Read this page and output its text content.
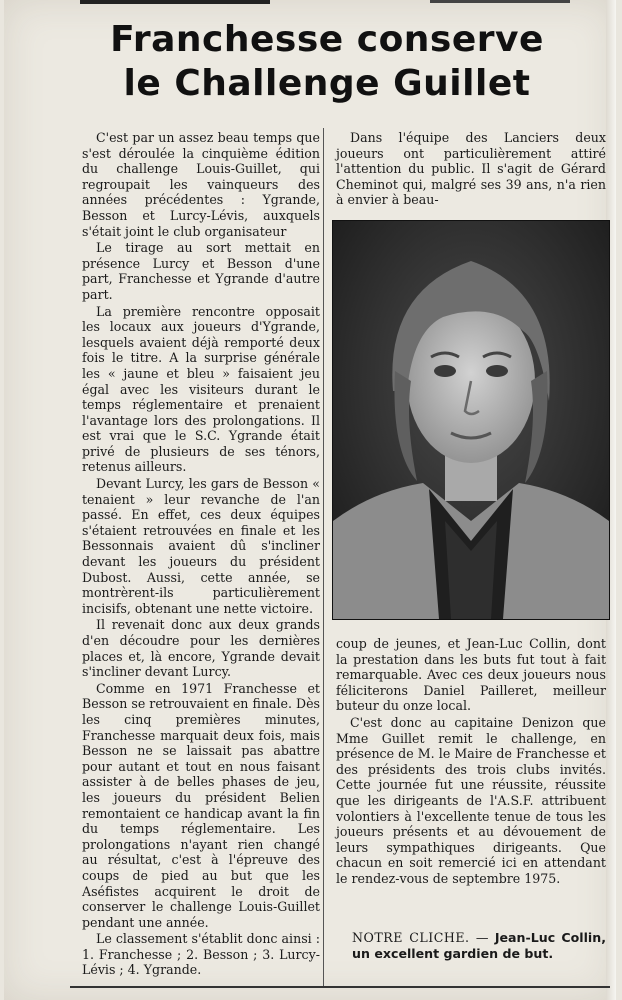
Franchesse conserve
le Challenge Guillet

C'est par un assez beau temps que s'est déroulée la cinquième édition du challenge Louis-Guillet, qui regroupait les vainqueurs des années précédentes : Ygrande, Besson et Lurcy-Lévis, auxquels s'était joint le club organisateur

Le tirage au sort mettait en présence Lurcy et Besson d'une part, Franchesse et Ygrande d'autre part.

La première rencontre opposait les locaux aux joueurs d'Ygrande, lesquels avaient déjà remporté deux fois le titre. A la surprise générale les « jaune et bleu » faisaient jeu égal avec les visiteurs durant le temps réglementaire et prenaient l'avantage lors des prolongations. Il est vrai que le S.C. Ygrande était privé de plusieurs de ses ténors, retenus ailleurs.

Devant Lurcy, les gars de Besson « tenaient » leur revanche de l'an passé. En effet, ces deux équipes s'étaient retrouvées en finale et les Bessonnais avaient dû s'incliner devant les joueurs du président Dubost. Aussi, cette année, se montrèrent-ils particulièrement incisifs, obtenant une nette victoire.

Il revenait donc aux deux grands d'en découdre pour les dernières places et, là encore, Ygrande devait s'incliner devant Lurcy.

Comme en 1971 Franchesse et Besson se retrouvaient en finale. Dès les cinq premières minutes, Franchesse marquait deux fois, mais Besson ne se laissait pas abattre pour autant et tout en nous faisant assister à de belles phases de jeu, les joueurs du président Belien remontaient ce handicap avant la fin du temps réglementaire. Les prolongations n'ayant rien changé au résultat, c'est à l'épreuve des coups de pied au but que les Aséfistes acquirent le droit de conserver le challenge Louis-Guillet pendant une année.

Le classement s'établit donc ainsi : 1. Franchesse ; 2. Besson ; 3. Lurcy-Lévis ; 4. Ygrande.

Dans l'équipe des Lanciers deux joueurs ont particulièrement attiré l'attention du public. Il s'agit de Gérard Cheminot qui, malgré ses 39 ans, n'a rien à envier à beau-

coup de jeunes, et Jean-Luc Collin, dont la prestation dans les buts fut tout à fait remarquable. Avec ces deux joueurs nous féliciterons Daniel Pailleret, meilleur buteur du onze local.

C'est donc au capitaine Denizon que Mme Guillet remit le challenge, en présence de M. le Maire de Franchesse et des présidents des trois clubs invités. Cette journée fut une réussite, réussite que les dirigeants de l'A.S.F. attribuent volontiers à l'excellente tenue de tous les joueurs présents et au dévouement de leurs sympathiques dirigeants. Que chacun en soit remercié ici en attendant le rendez-vous de septembre 1975.

NOTRE CLICHE. — Jean-Luc Collin, un excellent gardien de but.
